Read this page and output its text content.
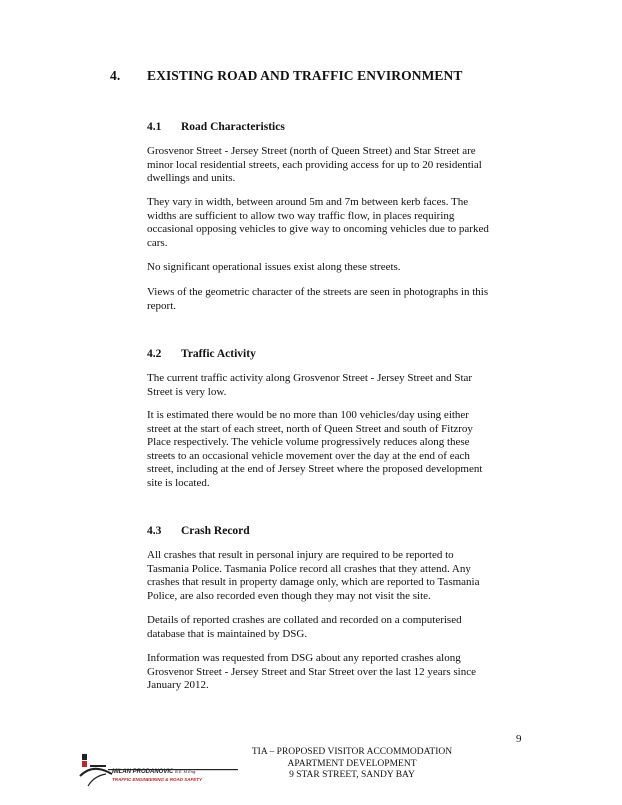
4. EXISTING ROAD AND TRAFFIC ENVIRONMENT
4.1 Road Characteristics

Grosvenor Street - Jersey Street (north of Queen Street) and Star Street are

minor local residential streets, each providing access for up to 20 residential

dwellings and units.

They vary in width, between around 5m and 7m between kerb faces. The

widths are sufficient to allow two way traffic flow, in places requiring

occasional opposing vehicles to give way to oncoming vehicles due to parked

cars.

No significant operational issues exist along these streets.

Views of the geometric character of the streets are seen in photographs in this

report.

4.2 Traffic Activity

The current traffic activity along Grosvenor Street - Jersey Street and Star

Street is very low.

It is estimated there would be no more than 100 vehicles/day using either

street at the start of each street, north of Queen Street and south of Fitzroy

Place respectively. The vehicle volume progressively reduces along these

streets to an occasional vehicle movement over the day at the end of each

street, including at the end of Jersey Street where the proposed development

site is located.

4.3 Crash Record

All crashes that result in personal injury are required to be reported to

Tasmania Police. Tasmania Police record all crashes that they attend. Any

crashes that result in property damage only, which are reported to Tasmania

Police, are also recorded even though they may not visit the site.

Details of reported crashes are collated and recorded on a computerised

database that is maintained by DSG.

Information was requested from DSG about any reported crashes along

Grosvenor Street - Jersey Street and Star Street over the last 12 years since

January 2012.

9
MILAN PRODANOVIC B.E. M.Eng.
TRAFFIC ENGINEERING & ROAD SAFETY
TIA – PROPOSED VISITOR ACCOMMODATION
APARTMENT DEVELOPMENT
9 STAR STREET, SANDY BAY
